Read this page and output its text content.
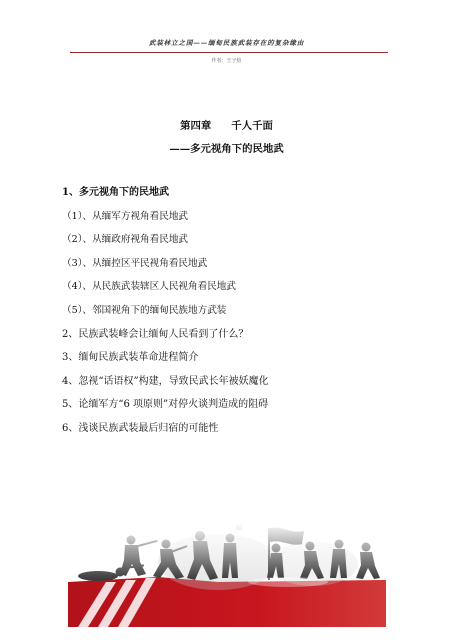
武装林立之国——缅甸民族武装存在的复杂缘由
作者：王子煊
第四章 千人千面
——多元视角下的民地武
1、多元视角下的民地武
（1）、从缅军方视角看民地武
（2）、从缅政府视角看民地武
（3）、从缅控区平民视角看民地武
（4）、从民族武装辖区人民视角看民地武
（5）、邻国视角下的缅甸民族地方武装
2、民族武装峰会让缅甸人民看到了什么？
3、缅甸民族武装革命进程简介
4、忽视“话语权”构建，导致民武长年被妖魔化
5、论缅军方“6 项原则”对停火谈判造成的阻碍
6、浅谈民族武装最后归宿的可能性
